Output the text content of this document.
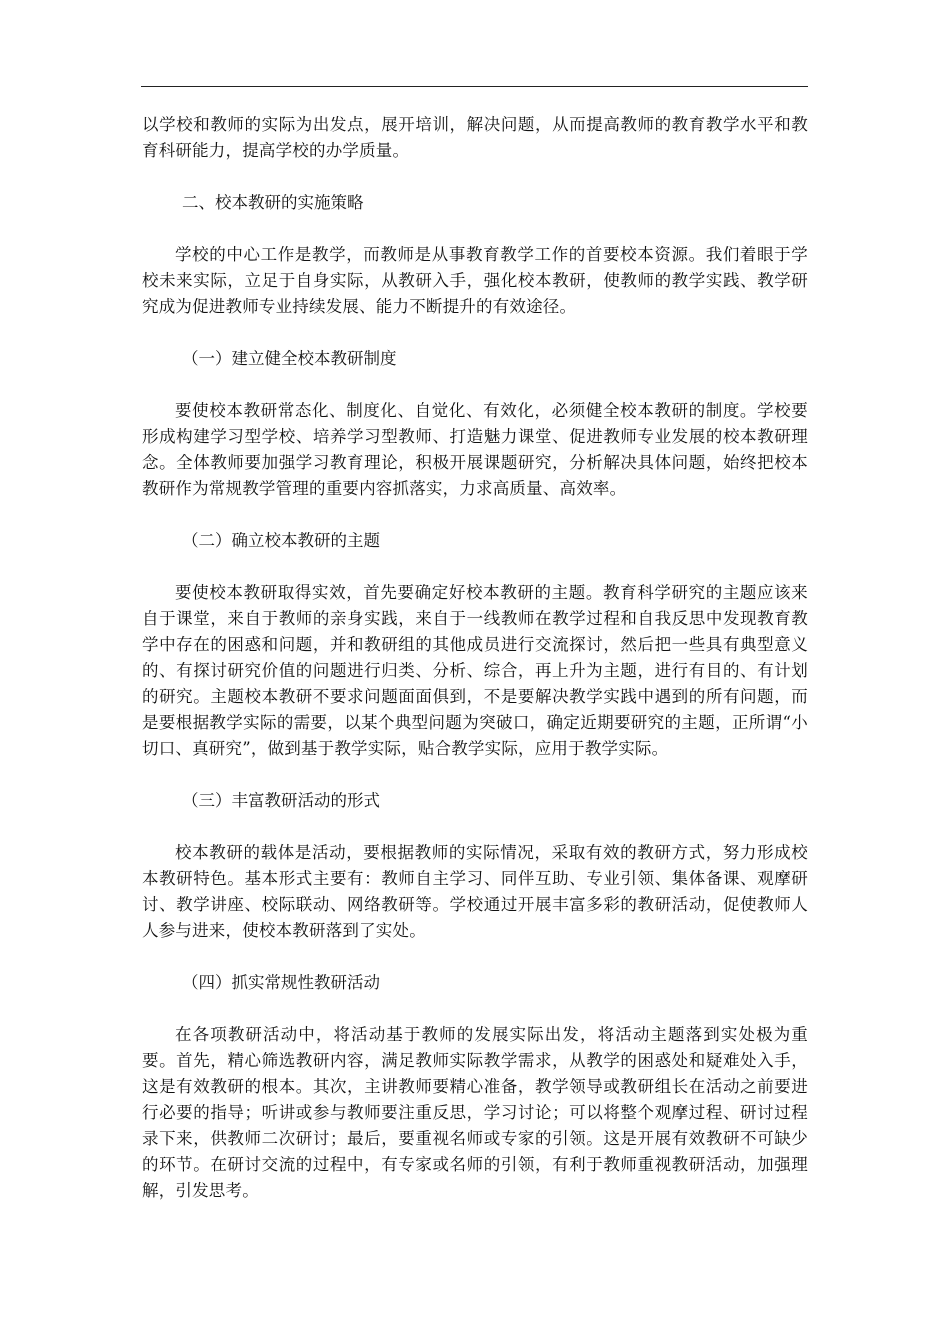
以学校和教师的实际为出发点，展开培训，解决问题，从而提高教师的教育教学水平和教育科研能力，提高学校的办学质量。

二、校本教研的实施策略

学校的中心工作是教学，而教师是从事教育教学工作的首要校本资源。我们着眼于学校未来实际，立足于自身实际，从教研入手，强化校本教研，使教师的教学实践、教学研究成为促进教师专业持续发展、能力不断提升的有效途径。

（一）建立健全校本教研制度

要使校本教研常态化、制度化、自觉化、有效化，必须健全校本教研的制度。学校要形成构建学习型学校、培养学习型教师、打造魅力课堂、促进教师专业发展的校本教研理念。全体教师要加强学习教育理论，积极开展课题研究，分析解决具体问题，始终把校本教研作为常规教学管理的重要内容抓落实，力求高质量、高效率。

（二）确立校本教研的主题

要使校本教研取得实效，首先要确定好校本教研的主题。教育科学研究的主题应该来自于课堂，来自于教师的亲身实践，来自于一线教师在教学过程和自我反思中发现教育教学中存在的困惑和问题，并和教研组的其他成员进行交流探讨，然后把一些具有典型意义的、有探讨研究价值的问题进行归类、分析、综合，再上升为主题，进行有目的、有计划的研究。主题校本教研不要求问题面面俱到，不是要解决教学实践中遇到的所有问题，而是要根据教学实际的需要，以某个典型问题为突破口，确定近期要研究的主题，正所谓“小切口、真研究”，做到基于教学实际，贴合教学实际，应用于教学实际。

（三）丰富教研活动的形式

校本教研的载体是活动，要根据教师的实际情况，采取有效的教研方式，努力形成校本教研特色。基本形式主要有：教师自主学习、同伴互助、专业引领、集体备课、观摩研讨、教学讲座、校际联动、网络教研等。学校通过开展丰富多彩的教研活动，促使教师人人参与进来，使校本教研落到了实处。

（四）抓实常规性教研活动

在各项教研活动中，将活动基于教师的发展实际出发，将活动主题落到实处极为重要。首先，精心筛选教研内容，满足教师实际教学需求，从教学的困惑处和疑难处入手，这是有效教研的根本。其次，主讲教师要精心准备，教学领导或教研组长在活动之前要进行必要的指导；听讲或参与教师要注重反思，学习讨论；可以将整个观摩过程、研讨过程录下来，供教师二次研讨；最后，要重视名师或专家的引领。这是开展有效教研不可缺少的环节。在研讨交流的过程中，有专家或名师的引领，有利于教师重视教研活动，加强理解，引发思考。
